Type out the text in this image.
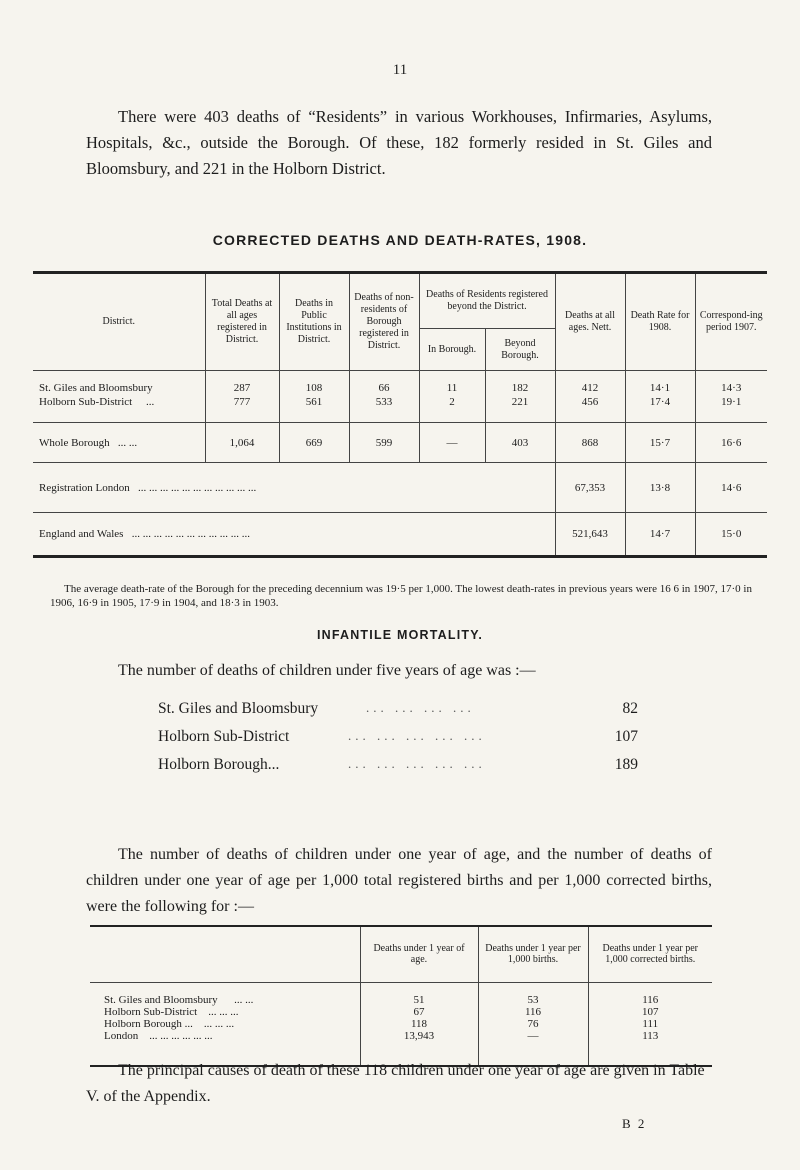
11

There were 403 deaths of “Residents” in various Workhouses, Infirmaries, Asylums, Hospitals, &c., outside the Borough. Of these, 182 formerly resided in St. Giles and Bloomsbury, and 221 in the Holborn District.

CORRECTED DEATHS AND DEATH-RATES, 1908.
District.	Total Deaths at all ages registered in District.	Deaths in Public Institutions in District.	Deaths of non-residents of Borough registered in District.	Deaths of Residents registered beyond the District.		Deaths at all ages. Nett.	Death Rate for 1908.	Correspond-ing period 1907.
				In Borough.	Beyond Borough.			

St. Giles and Bloomsbury	287	108	66	11	182	412	14·1	14·3
Holborn Sub-District ...	777	561	533	2	221	456	17·4	19·1

Whole Borough ... ...	1,064	669	599	—	403	868	15·7	16·6
Registration London ... ... ... ... ... ... ... ... ... ... ...						67,353	13·8	14·6
England and Wales ... ... ... ... ... ... ... ... ... ... ...						521,643	14·7	15·0

The average death-rate of the Borough for the preceding decennium was 19·5 per 1,000. The lowest death-rates in previous years were 16 6 in 1907, 17·0 in 1906, 16·9 in 1905, 17·9 in 1904, and 18·3 in 1903.

INFANTILE MORTALITY.

The number of deaths of children under five years of age was :—

St. Giles and Bloomsbury	... ... ... ...	82
Holborn Sub-District	... ... ... ... ...	107
Holborn Borough...	... ... ... ... ...	189

The number of deaths of children under one year of age, and the number of deaths of children under one year of age per 1,000 total registered births and per 1,000 corrected births, were the following for :—

	Deaths under 1 year of age.	Deaths under 1 year per 1,000 births.	Deaths under 1 year per 1,000 corrected births.

St. Giles and Bloomsbury ... ...	51	53	116
Holborn Sub-District ... ... ...	67	116	107
Holborn Borough ... ... ... ...	118	76	111
London ... ... ... ... ... ...	13,943	—	113

The principal causes of death of these 118 children under one year of age are given in Table V. of the Appendix.

B 2
